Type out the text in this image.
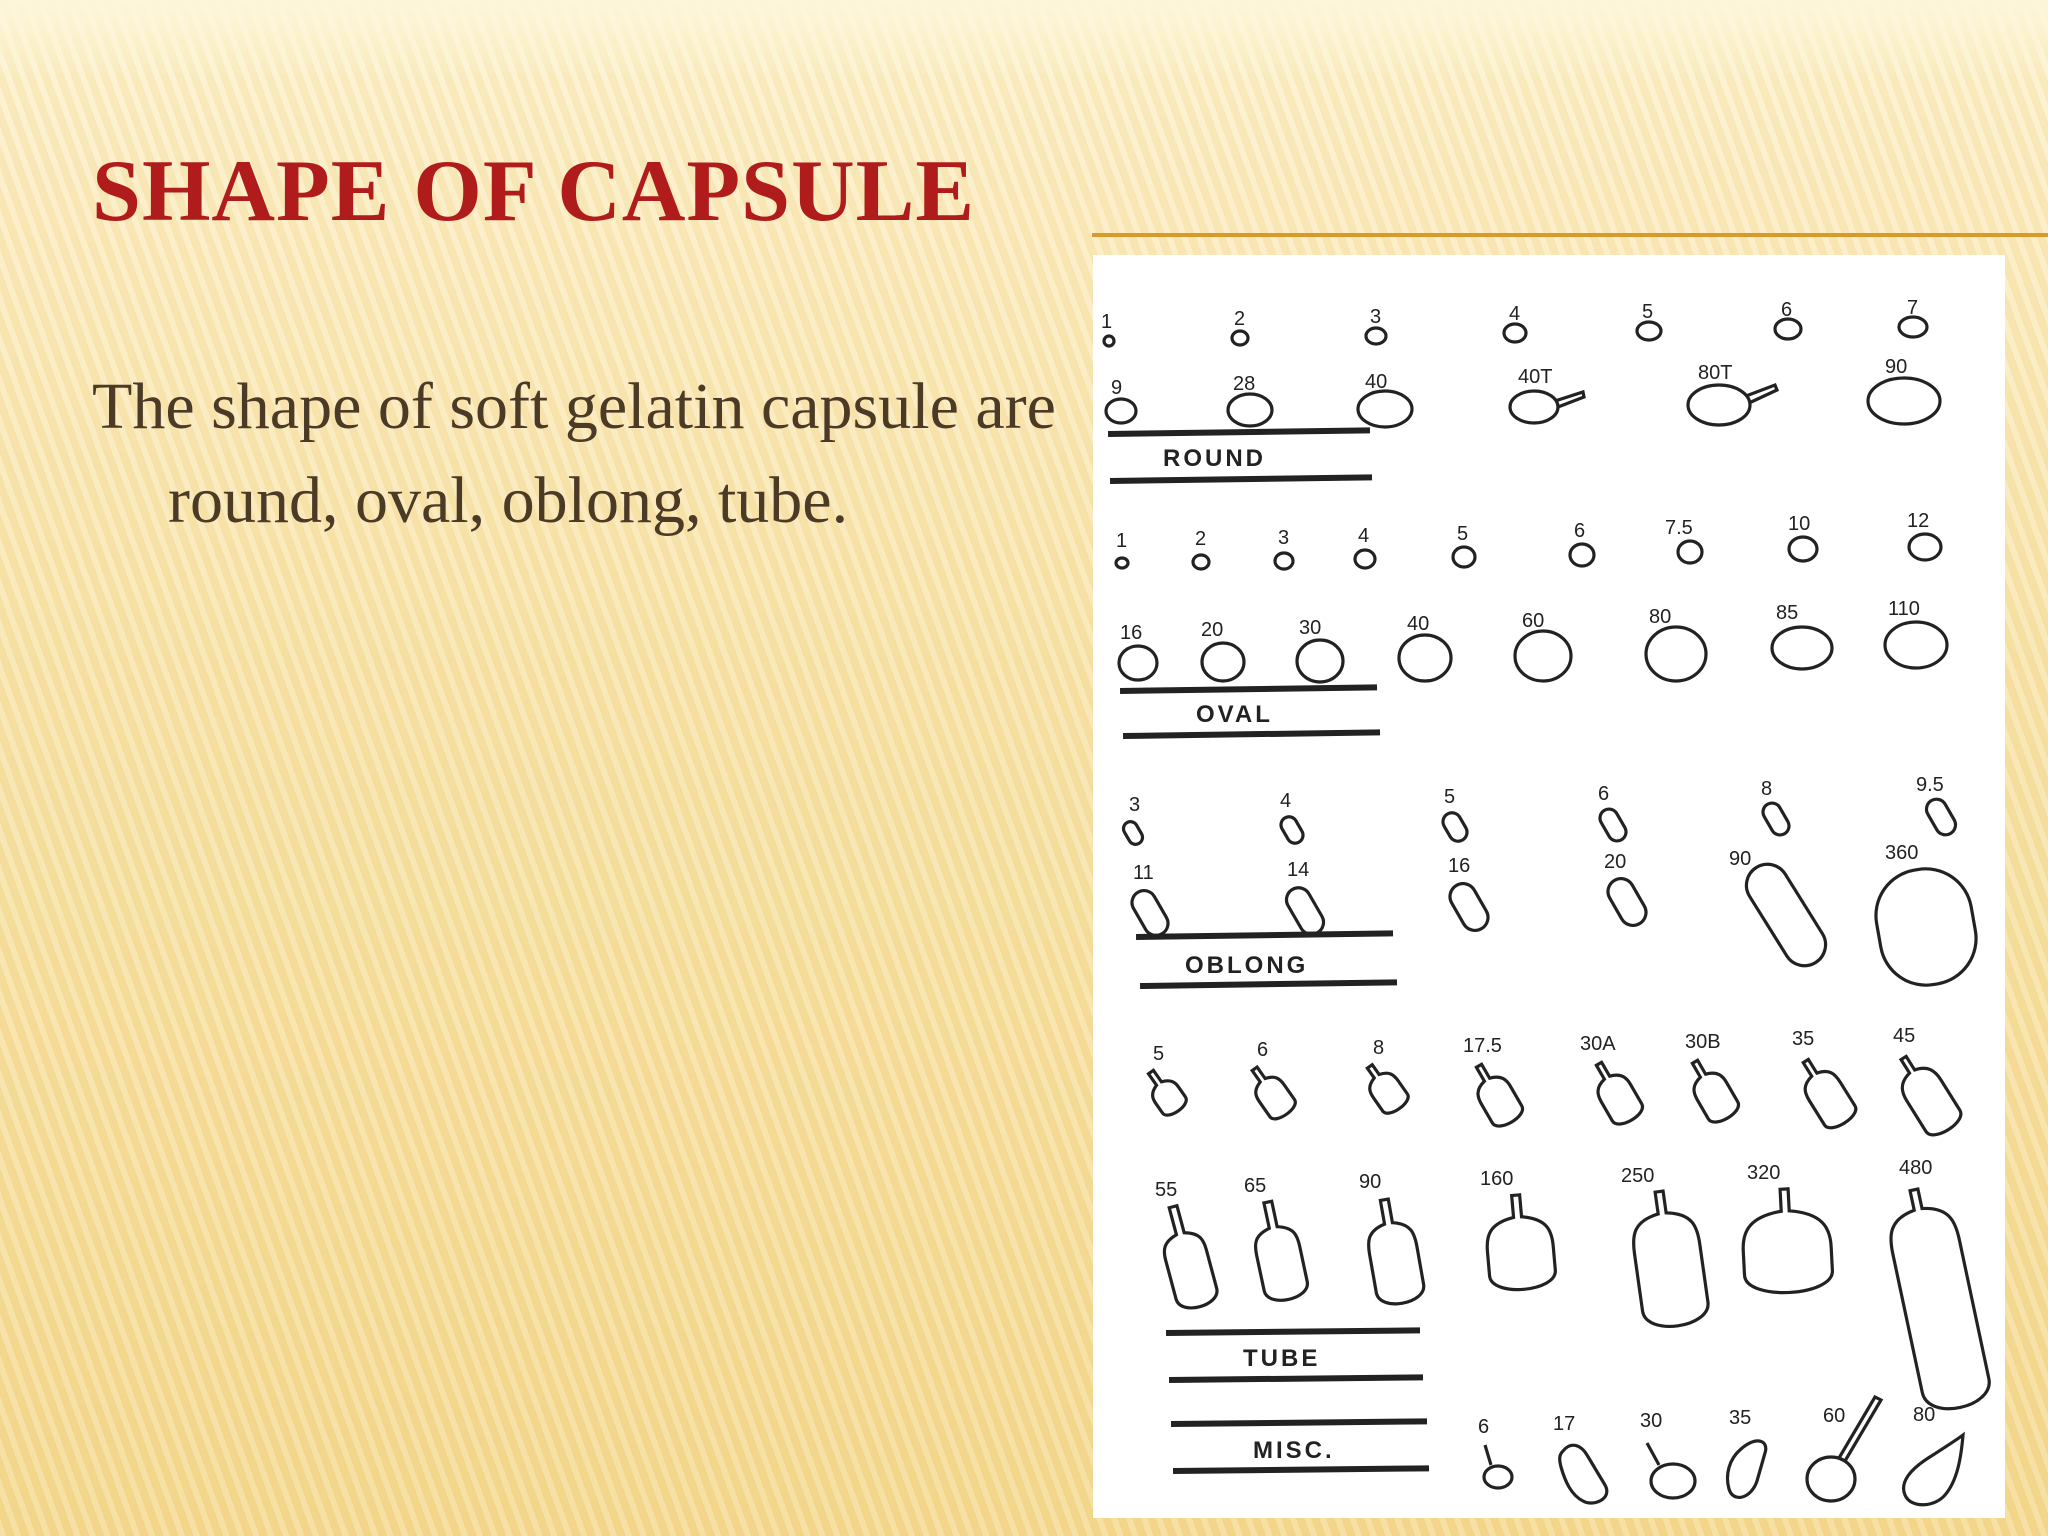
SHAPE OF CAPSULE

The shape of soft gelatin capsule are round, oval, oblong, tube.

1	2	3	4	5	6	7
9	28	40	40T	80T	90
ROUND
1	2	3	4	5	6	7.5	10	12
16	20	30	40	60	80	85	110
OVAL
3	4	5	6	8	9.5
11	14	16	20	90	360
OBLONG
5	6	8	17.5	30A	30B	35	45
55	65	90	160	250	320	480
TUBE
MISC.
6	17	30	35	60	80
